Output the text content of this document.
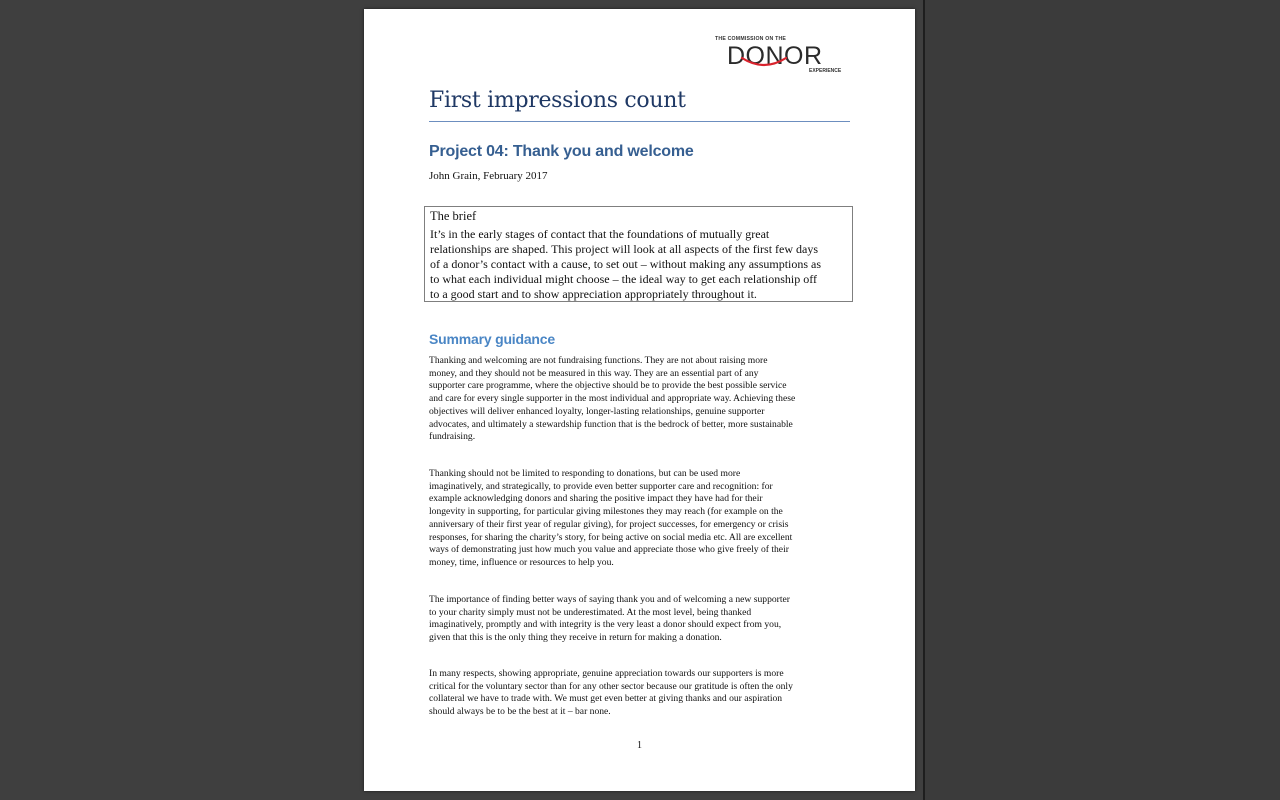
THE COMMISSION ON THE
DONOR
EXPERIENCE
First impressions count
Project 04: Thank you and welcome
John Grain, February 2017
The brief
It’s in the early stages of contact that the foundations of mutually great
relationships are shaped. This project will look at all aspects of the first few days
of a donor’s contact with a cause, to set out – without making any assumptions as
to what each individual might choose – the ideal way to get each relationship off
to a good start and to show appreciation appropriately throughout it.
Summary guidance
Thanking and welcoming are not fundraising functions. They are not about raising more
money, and they should not be measured in this way. They are an essential part of any
supporter care programme, where the objective should be to provide the best possible service
and care for every single supporter in the most individual and appropriate way. Achieving these
objectives will deliver enhanced loyalty, longer-lasting relationships, genuine supporter
advocates, and ultimately a stewardship function that is the bedrock of better, more sustainable
fundraising.
Thanking should not be limited to responding to donations, but can be used more
imaginatively, and strategically, to provide even better supporter care and recognition: for
example acknowledging donors and sharing the positive impact they have had for their
longevity in supporting, for particular giving milestones they may reach (for example on the
anniversary of their first year of regular giving), for project successes, for emergency or crisis
responses, for sharing the charity’s story, for being active on social media etc. All are excellent
ways of demonstrating just how much you value and appreciate those who give freely of their
money, time, influence or resources to help you.
The importance of finding better ways of saying thank you and of welcoming a new supporter
to your charity simply must not be underestimated. At the most level, being thanked
imaginatively, promptly and with integrity is the very least a donor should expect from you,
given that this is the only thing they receive in return for making a donation.
In many respects, showing appropriate, genuine appreciation towards our supporters is more
critical for the voluntary sector than for any other sector because our gratitude is often the only
collateral we have to trade with. We must get even better at giving thanks and our aspiration
should always be to be the best at it – bar none.
1
